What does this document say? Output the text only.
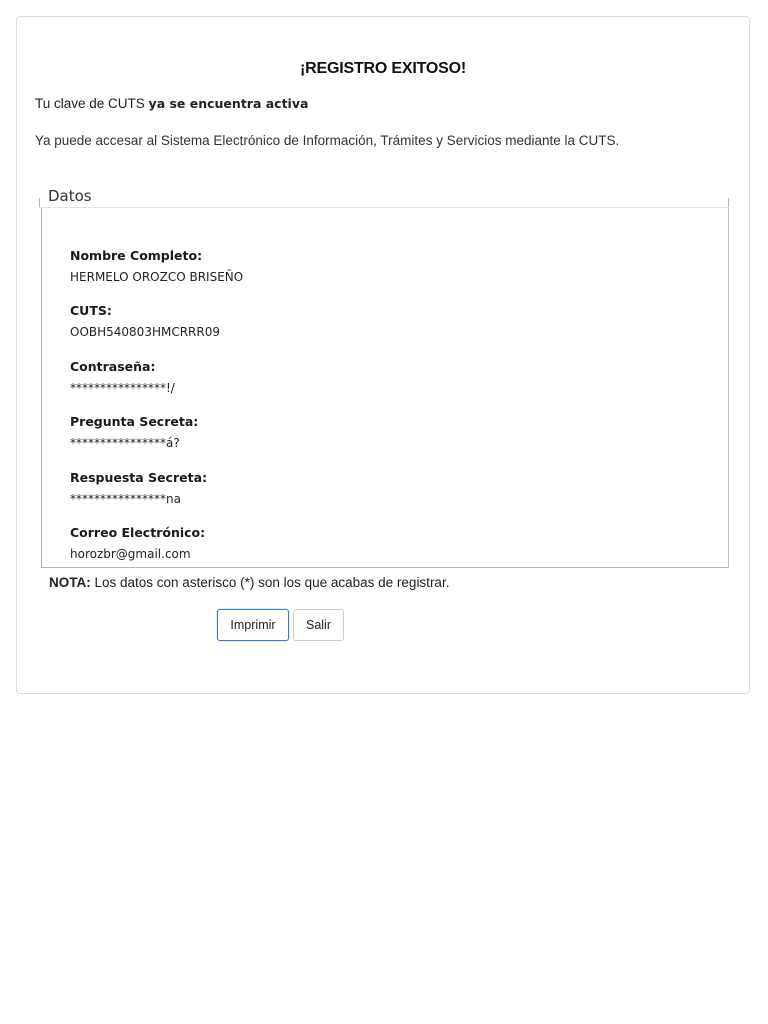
¡REGISTRO EXITOSO!
Tu clave de CUTS ya se encuentra activa
Ya puede accesar al Sistema Electrónico de Información, Trámites y Servicios mediante la CUTS.
Nombre Completo:
HERMELO OROZCO BRISEÑO
CUTS:
OOBH540803HMCRRR09
Contraseña:
****************!/
Pregunta Secreta:
****************á?
Respuesta Secreta:
****************na
Correo Electrónico:
horozbr@gmail.com
Datos
NOTA: Los datos con asterisco (*) son los que acabas de registrar.
Imprimir	Salir
